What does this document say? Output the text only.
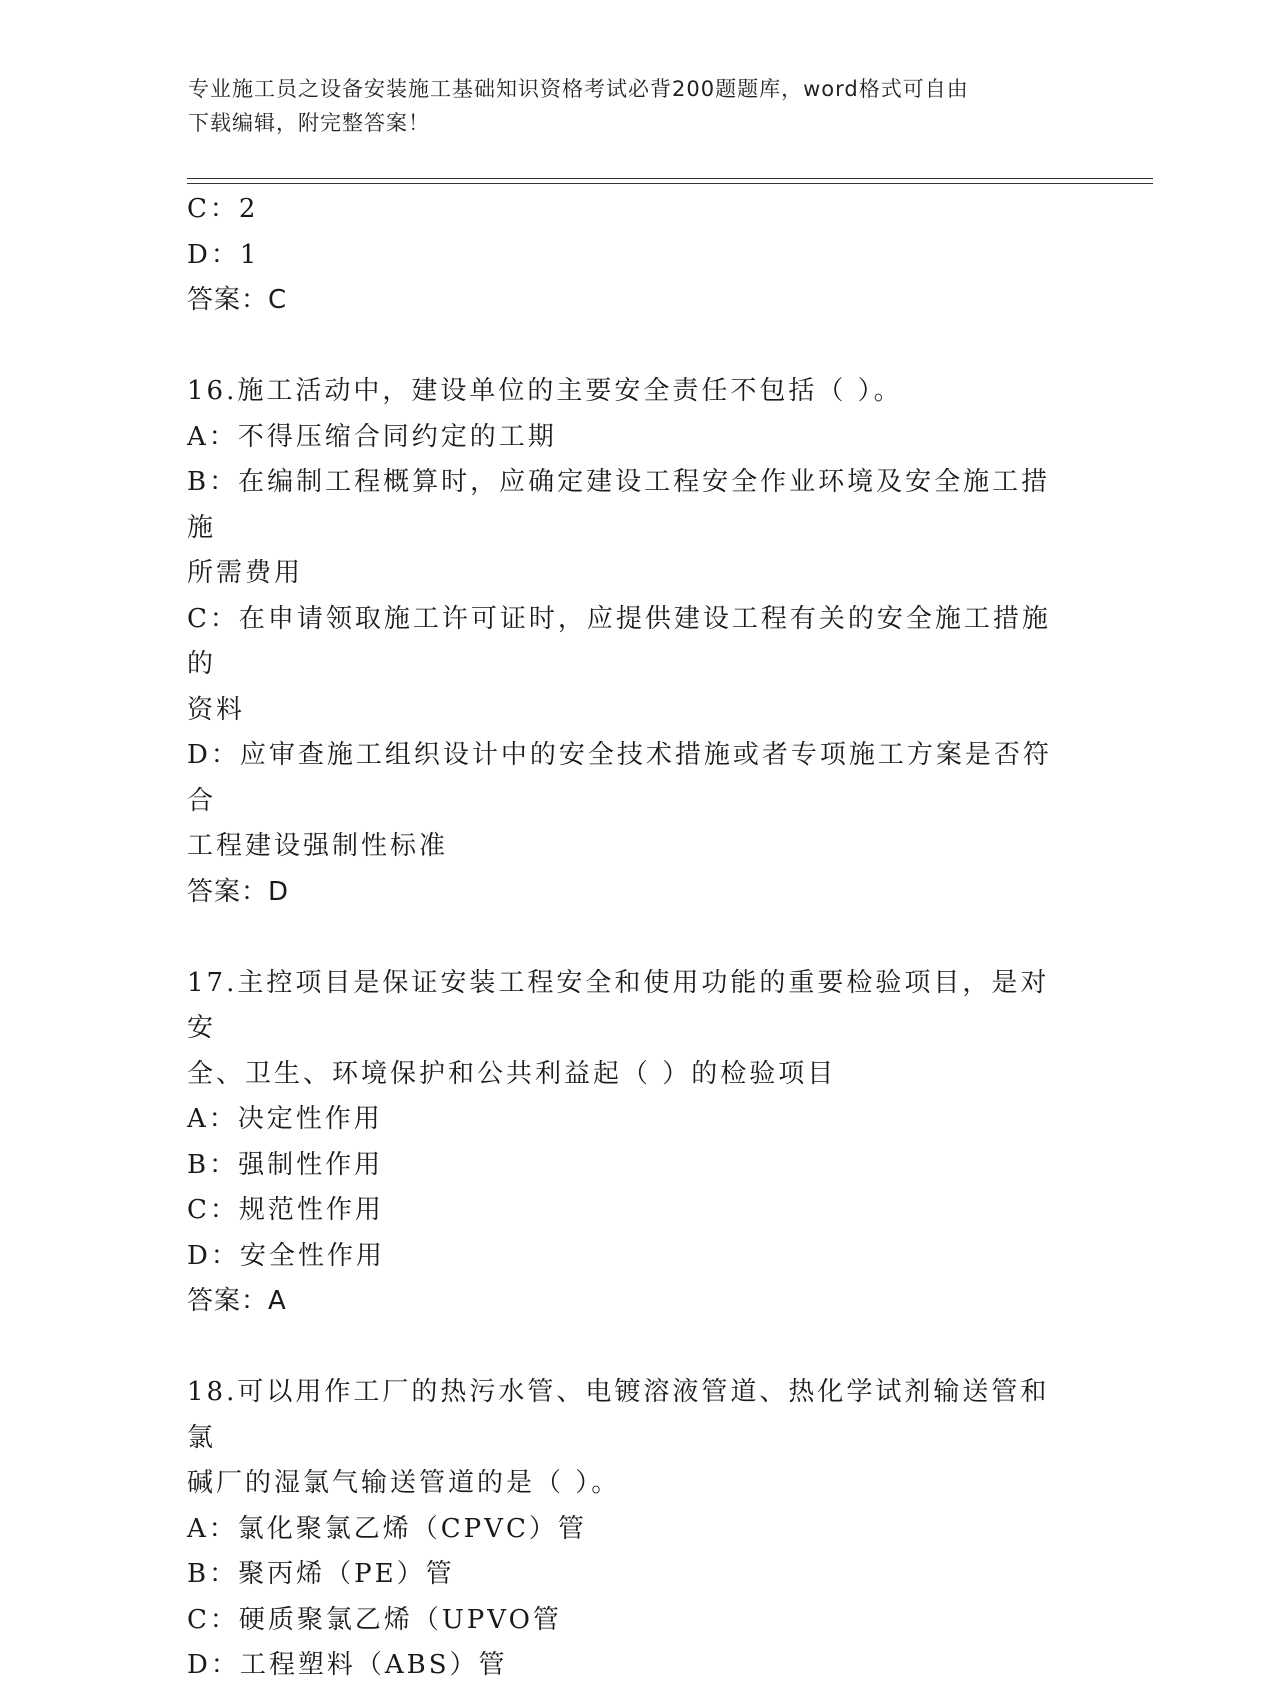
专业施工员之设备安装施工基础知识资格考试必背200题题库，word格式可自由
下载编辑，附完整答案！
C：2
D：1
答案：C
16.施工活动中，建设单位的主要安全责任不包括（ ）。
A：不得压缩合同约定的工期
B：在编制工程概算时，应确定建设工程安全作业环境及安全施工措施
所需费用
C：在申请领取施工许可证时，应提供建设工程有关的安全施工措施的
资料
D：应审查施工组织设计中的安全技术措施或者专项施工方案是否符合
工程建设强制性标准
答案：D
17.主控项目是保证安装工程安全和使用功能的重要检验项目，是对安
全、卫生、环境保护和公共利益起（ ）的检验项目
A：决定性作用
B：强制性作用
C：规范性作用
D：安全性作用
答案：A
18.可以用作工厂的热污水管、电镀溶液管道、热化学试剂输送管和氯
碱厂的湿氯气输送管道的是（ ）。
A：氯化聚氯乙烯（CPVC）管
B：聚丙烯（PE）管
C：硬质聚氯乙烯（UPVO管
D：工程塑料（ABS）管
